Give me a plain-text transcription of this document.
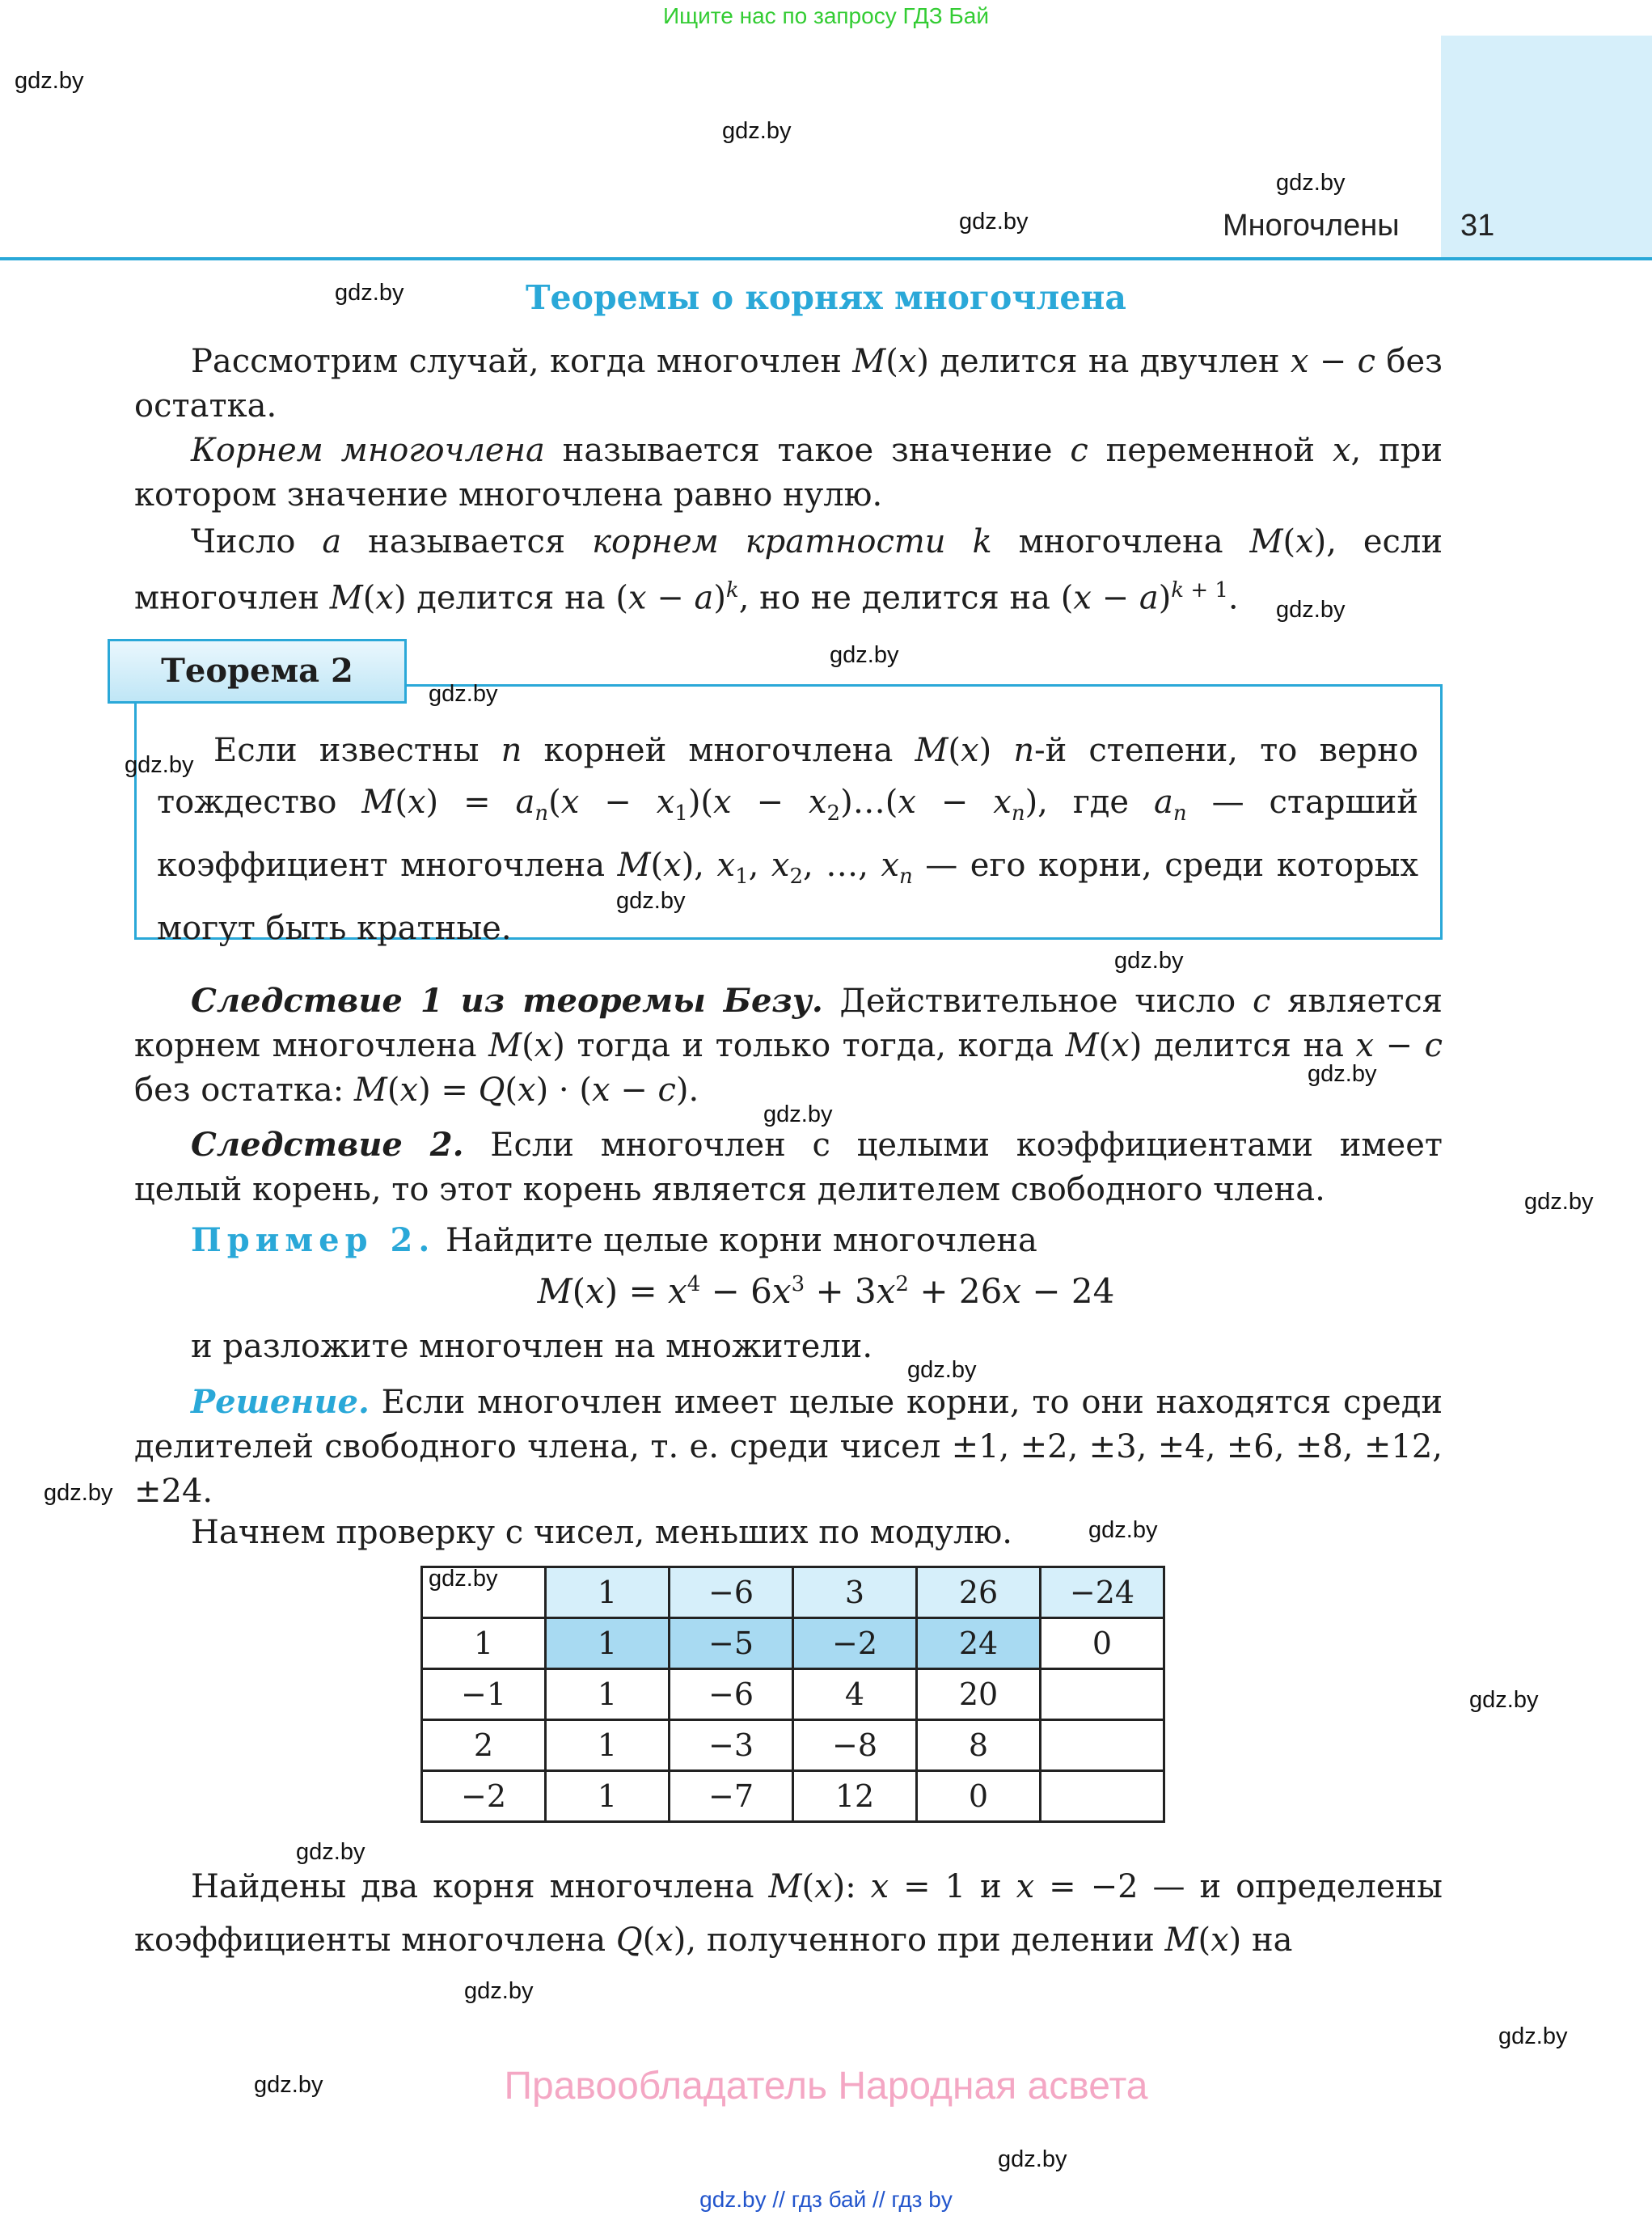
Ищите нас по запросу ГДЗ Бай
Многочлены 31
Теоремы о корнях многочлена
Рассмотрим случай, когда многочлен M(x) делится на двучлен x − c без остатка.
Корнем многочлена называется такое значение c переменной x, при котором значение многочлена равно нулю.
Число a называется корнем кратности k многочлена M(x), если многочлен M(x) делится на $(x - a)^k$, но не делится на $(x - a)^{k + 1}$.
Теорема 2
Если известны n корней многочлена M(x) n-й степени, то верно тождество $M(x) = a_n(x - x_1)(x$ − $x_2)\dots(x - x_n)$, где $a_n$ — старший коэффициент многочлена M(x), $x_1$, $x_2$, …, $x_n$ — его корни, среди которых могут быть кратные.
Следствие 1 из теоремы Безу. Действительное число c является корнем многочлена M(x) тогда и только тогда, когда M(x) делится на x − c без остатка: M(x) = Q(x) · (x − c).
Следствие 2. Если многочлен с целыми коэффициентами имеет целый корень, то этот корень является делителем свободного члена.
Пример 2. Найдите целые корни многочлена
$M(x) = x^4 - 6x^3 + 3x^2 + 26x - 24$
и разложите многочлен на множители.
Решение. Если многочлен имеет целые корни, то они находятся среди делителей свободного члена, т. е. среди чисел ±1, ±2, ±3, ±4, ±6, ±8, ±12, ±24.
Начнем проверку с чисел, меньших по модулю.
	1	−6	3	26	−24
1	1	−5	−2	24	0
−1	1	−6	4	20	
2	1	−3	−8	8	
−2	1	−7	12	0	
Найдены два корня многочлена M(x): x = 1 и x = −2 — и определены коэффициенты многочлена Q(x), полученного при делении M(x) на
Правообладатель Народная асвета
gdz.by // гдз бай // гдз by
gdz.by
gdz.by
gdz.by
gdz.by
gdz.by
gdz.by
gdz.by
gdz.by
gdz.by
gdz.by
gdz.by
gdz.by
gdz.by
gdz.by
gdz.by
gdz.by
gdz.by
gdz.by
gdz.by
gdz.by
gdz.by
gdz.by
gdz.by
gdz.by
